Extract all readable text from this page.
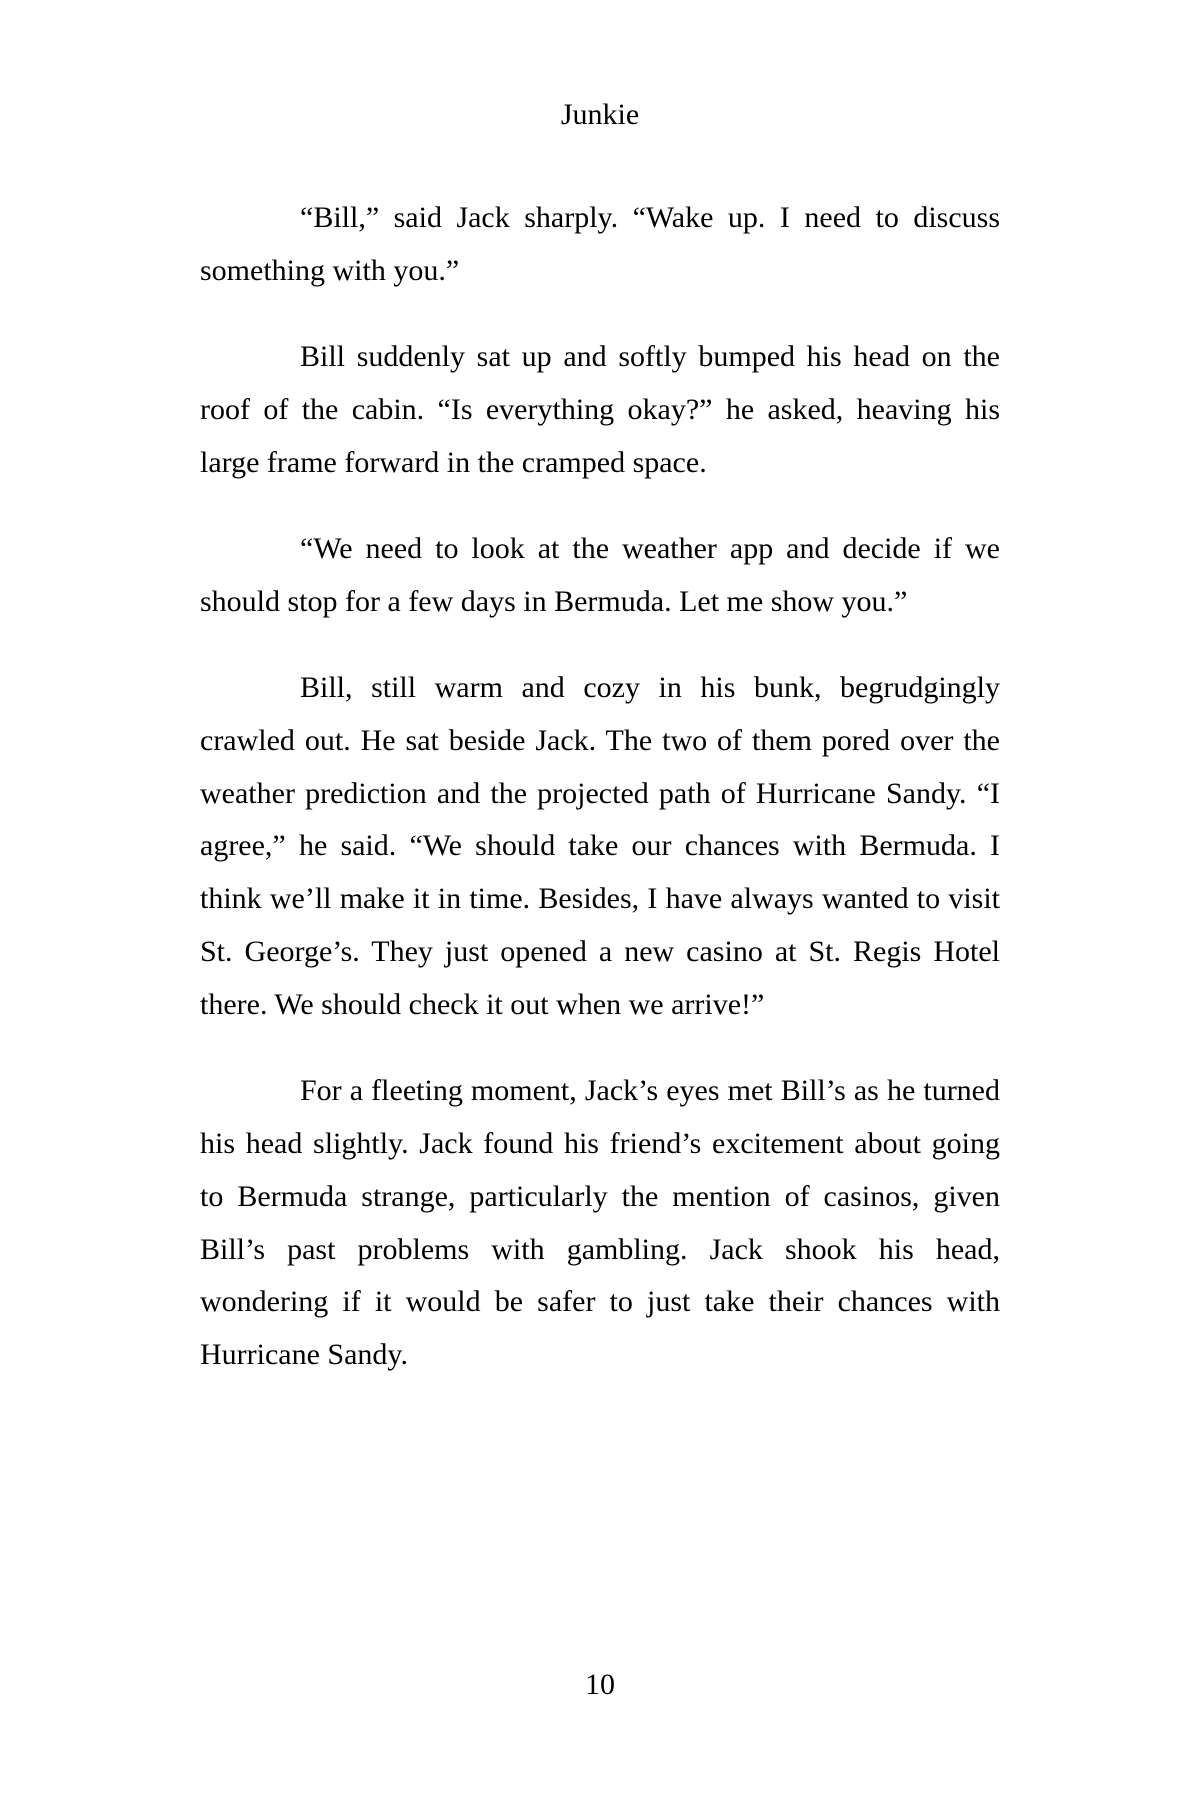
Junkie

“Bill,” said Jack sharply. “Wake up. I need to discuss
something with you.”

Bill suddenly sat up and softly bumped his head on the
roof of the cabin. “Is everything okay?” he asked, heaving his
large frame forward in the cramped space.

“We need to look at the weather app and decide if we
should stop for a few days in Bermuda. Let me show you.”

Bill, still warm and cozy in his bunk, begrudgingly
crawled out. He sat beside Jack. The two of them pored over the
weather prediction and the projected path of Hurricane Sandy. “I
agree,” he said. “We should take our chances with Bermuda. I
think we’ll make it in time. Besides, I have always wanted to visit
St. George’s. They just opened a new casino at St. Regis Hotel
there. We should check it out when we arrive!”

For a fleeting moment, Jack’s eyes met Bill’s as he turned
his head slightly. Jack found his friend’s excitement about going
to Bermuda strange, particularly the mention of casinos, given
Bill’s past problems with gambling. Jack shook his head,
wondering if it would be safer to just take their chances with
Hurricane Sandy.

10
